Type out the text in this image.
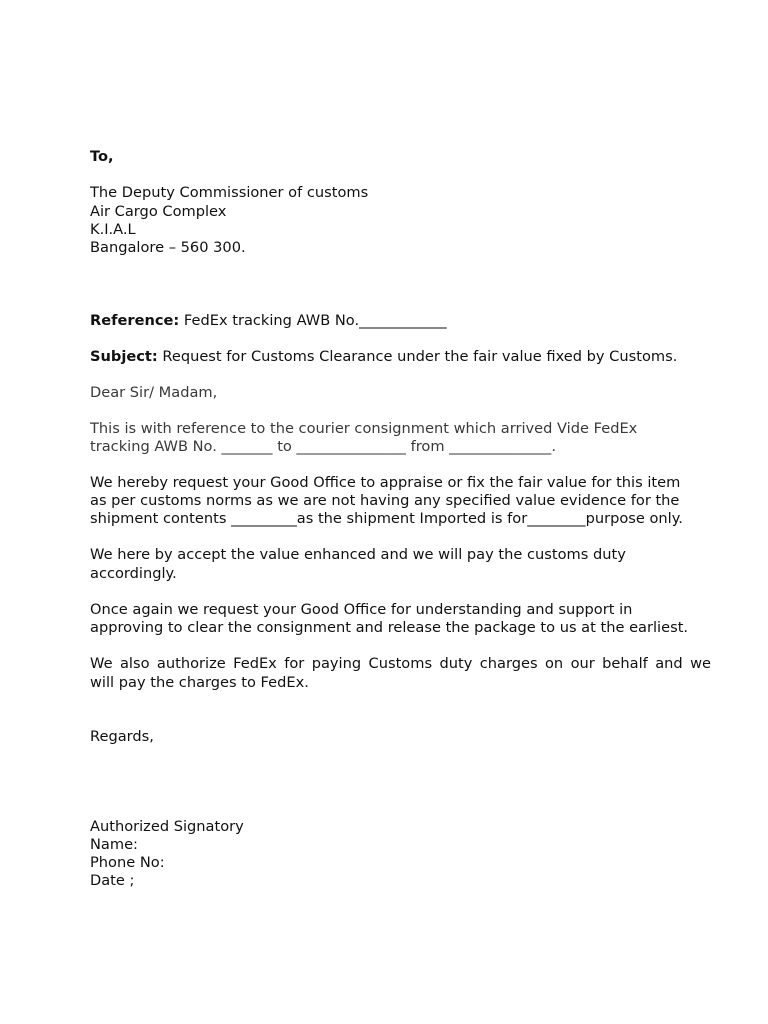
To,
The Deputy Commissioner of customs
Air Cargo Complex
K.I.A.L
Bangalore – 560 300.
Reference: FedEx tracking AWB No.____________
Subject: Request for Customs Clearance under the fair value fixed by Customs.
Dear Sir/ Madam,
This is with reference to the courier consignment which arrived Vide FedEx
tracking AWB No. _______ to _______________ from ______________.
We hereby request your Good Office to appraise or fix the fair value for this item
as per customs norms as we are not having any specified value evidence for the
shipment contents _________as the shipment Imported is for________purpose only.
We here by accept the value enhanced and we will pay the customs duty
accordingly.
Once again we request your Good Office for understanding and support in
approving to clear the consignment and release the package to us at the earliest.
We also authorize FedEx for paying Customs duty charges on our behalf and we
will pay the charges to FedEx.
Regards,
Authorized Signatory
Name:
Phone No:
Date ;
